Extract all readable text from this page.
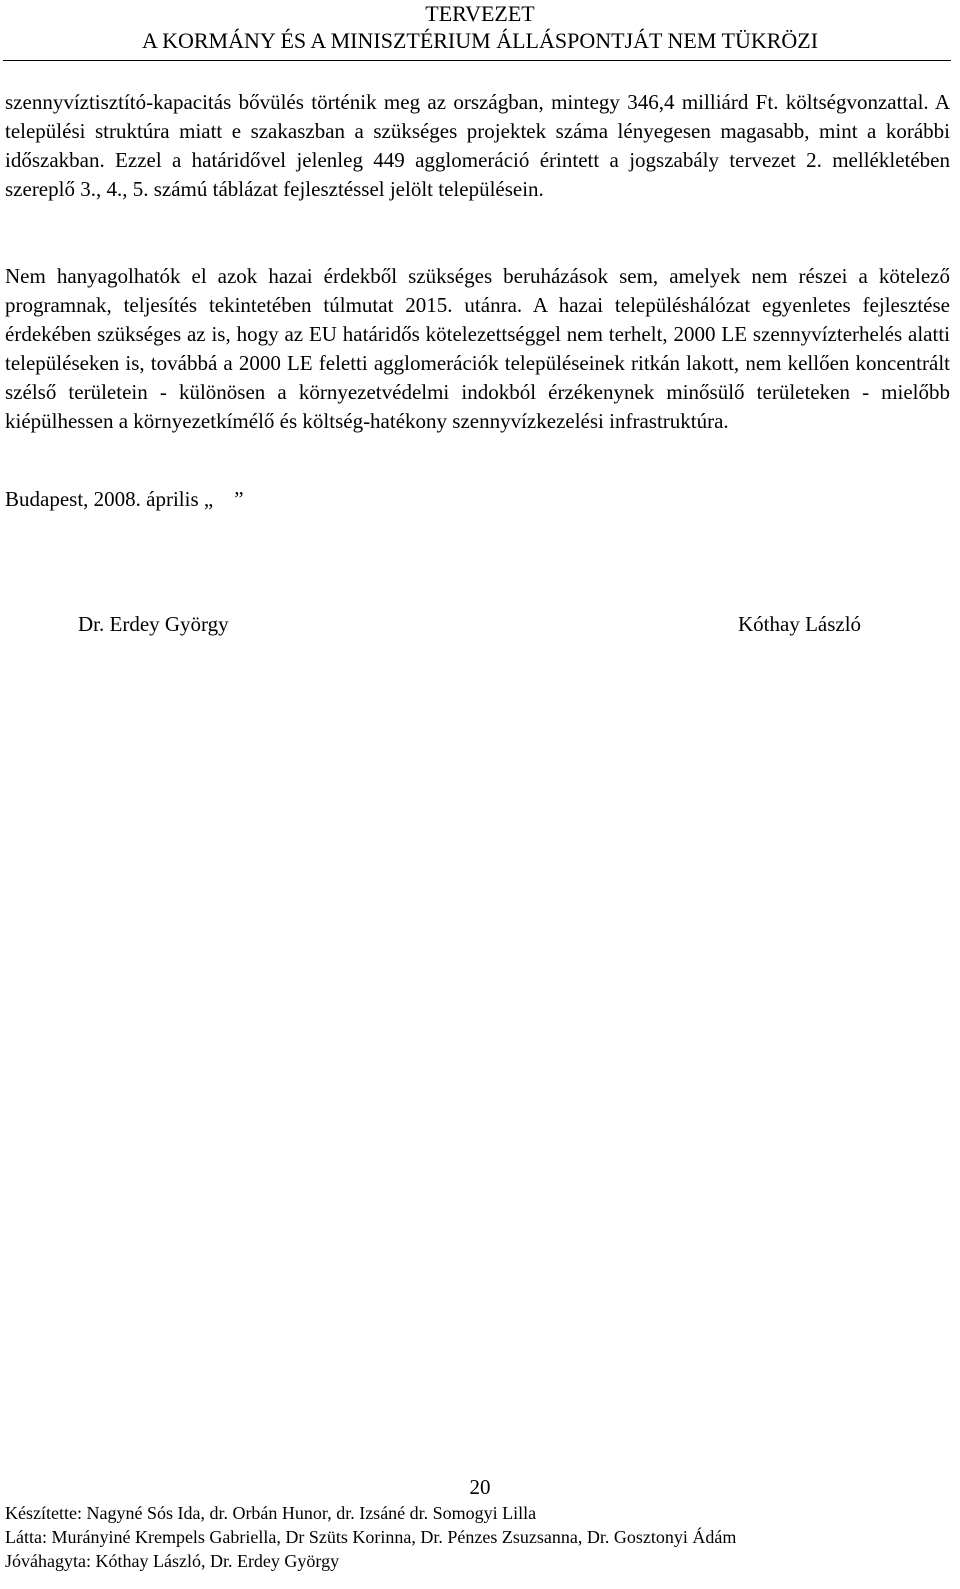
TERVEZET
A KORMÁNY ÉS A MINISZTÉRIUM ÁLLÁSPONTJÁT NEM TÜKRÖZI

szennyvíztisztító-kapacitás bővülés történik meg az országban, mintegy 346,4 milliárd Ft. költségvonzattal. A települési struktúra miatt e szakaszban a szükséges projektek száma lényegesen magasabb, mint a korábbi időszakban. Ezzel a határidővel jelenleg 449 agglomeráció érintett a jogszabály tervezet 2. mellékletében szereplő 3., 4., 5. számú táblázat fejlesztéssel jelölt településein.

Nem hanyagolhatók el azok hazai érdekből szükséges beruházások sem, amelyek nem részei a kötelező programnak, teljesítés tekintetében túlmutat 2015. utánra. A hazai településhálózat egyenletes fejlesztése érdekében szükséges az is, hogy az EU határidős kötelezettséggel nem terhelt, 2000 LE szennyvízterhelés alatti településeken is, továbbá a 2000 LE feletti agglomerációk településeinek ritkán lakott, nem kellően koncentrált szélső területein - különösen a környezetvédelmi indokból érzékenynek minősülő területeken - mielőbb kiépülhessen a környezetkímélő és költség-hatékony szennyvízkezelési infrastruktúra.

Budapest, 2008. április „    ”
Dr. Erdey György	Kóthay László
20
Készítette: Nagyné Sós Ida, dr. Orbán Hunor, dr. Izsáné dr. Somogyi Lilla
Látta: Murányiné Krempels Gabriella, Dr Szüts Korinna, Dr. Pénzes Zsuzsanna, Dr. Gosztonyi Ádám
Jóváhagyta: Kóthay László, Dr. Erdey György
